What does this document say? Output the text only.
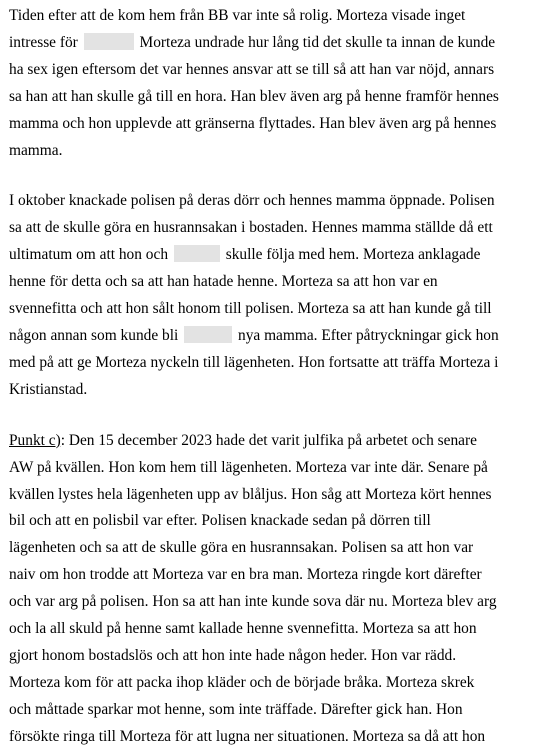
Tiden efter att de kom hem från BB var inte så rolig. Morteza visade inget
intresse för	Morteza undrade hur lång tid det skulle ta innan de kunde
ha sex igen eftersom det var hennes ansvar att se till så att han var nöjd, annars
sa han att han skulle gå till en hora. Han blev även arg på henne framför hennes
mamma och hon upplevde att gränserna flyttades. Han blev även arg på hennes
mamma.

I oktober knackade polisen på deras dörr och hennes mamma öppnade. Polisen
sa att de skulle göra en husrannsakan i bostaden. Hennes mamma ställde då ett
ultimatum om att hon och	skulle följa med hem. Morteza anklagade
henne för detta och sa att han hatade henne. Morteza sa att hon var en
svennefitta och att hon sålt honom till polisen. Morteza sa att han kunde gå till
någon annan som kunde bli	nya mamma. Efter påtryckningar gick hon
med på att ge Morteza nyckeln till lägenheten. Hon fortsatte att träffa Morteza i
Kristianstad.

Punkt c): Den 15 december 2023 hade det varit julfika på arbetet och senare
AW på kvällen. Hon kom hem till lägenheten. Morteza var inte där. Senare på
kvällen lystes hela lägenheten upp av blåljus. Hon såg att Morteza kört hennes
bil och att en polisbil var efter. Polisen knackade sedan på dörren till
lägenheten och sa att de skulle göra en husrannsakan. Polisen sa att hon var
naiv om hon trodde att Morteza var en bra man. Morteza ringde kort därefter
och var arg på polisen. Hon sa att han inte kunde sova där nu. Morteza blev arg
och la all skuld på henne samt kallade henne svennefitta. Morteza sa att hon
gjort honom bostadslös och att hon inte hade någon heder. Hon var rädd.
Morteza kom för att packa ihop kläder och de började bråka. Morteza skrek
och måttade sparkar mot henne, som inte träffade. Därefter gick han. Hon
försökte ringa till Morteza för att lugna ner situationen. Morteza sa då att hon
